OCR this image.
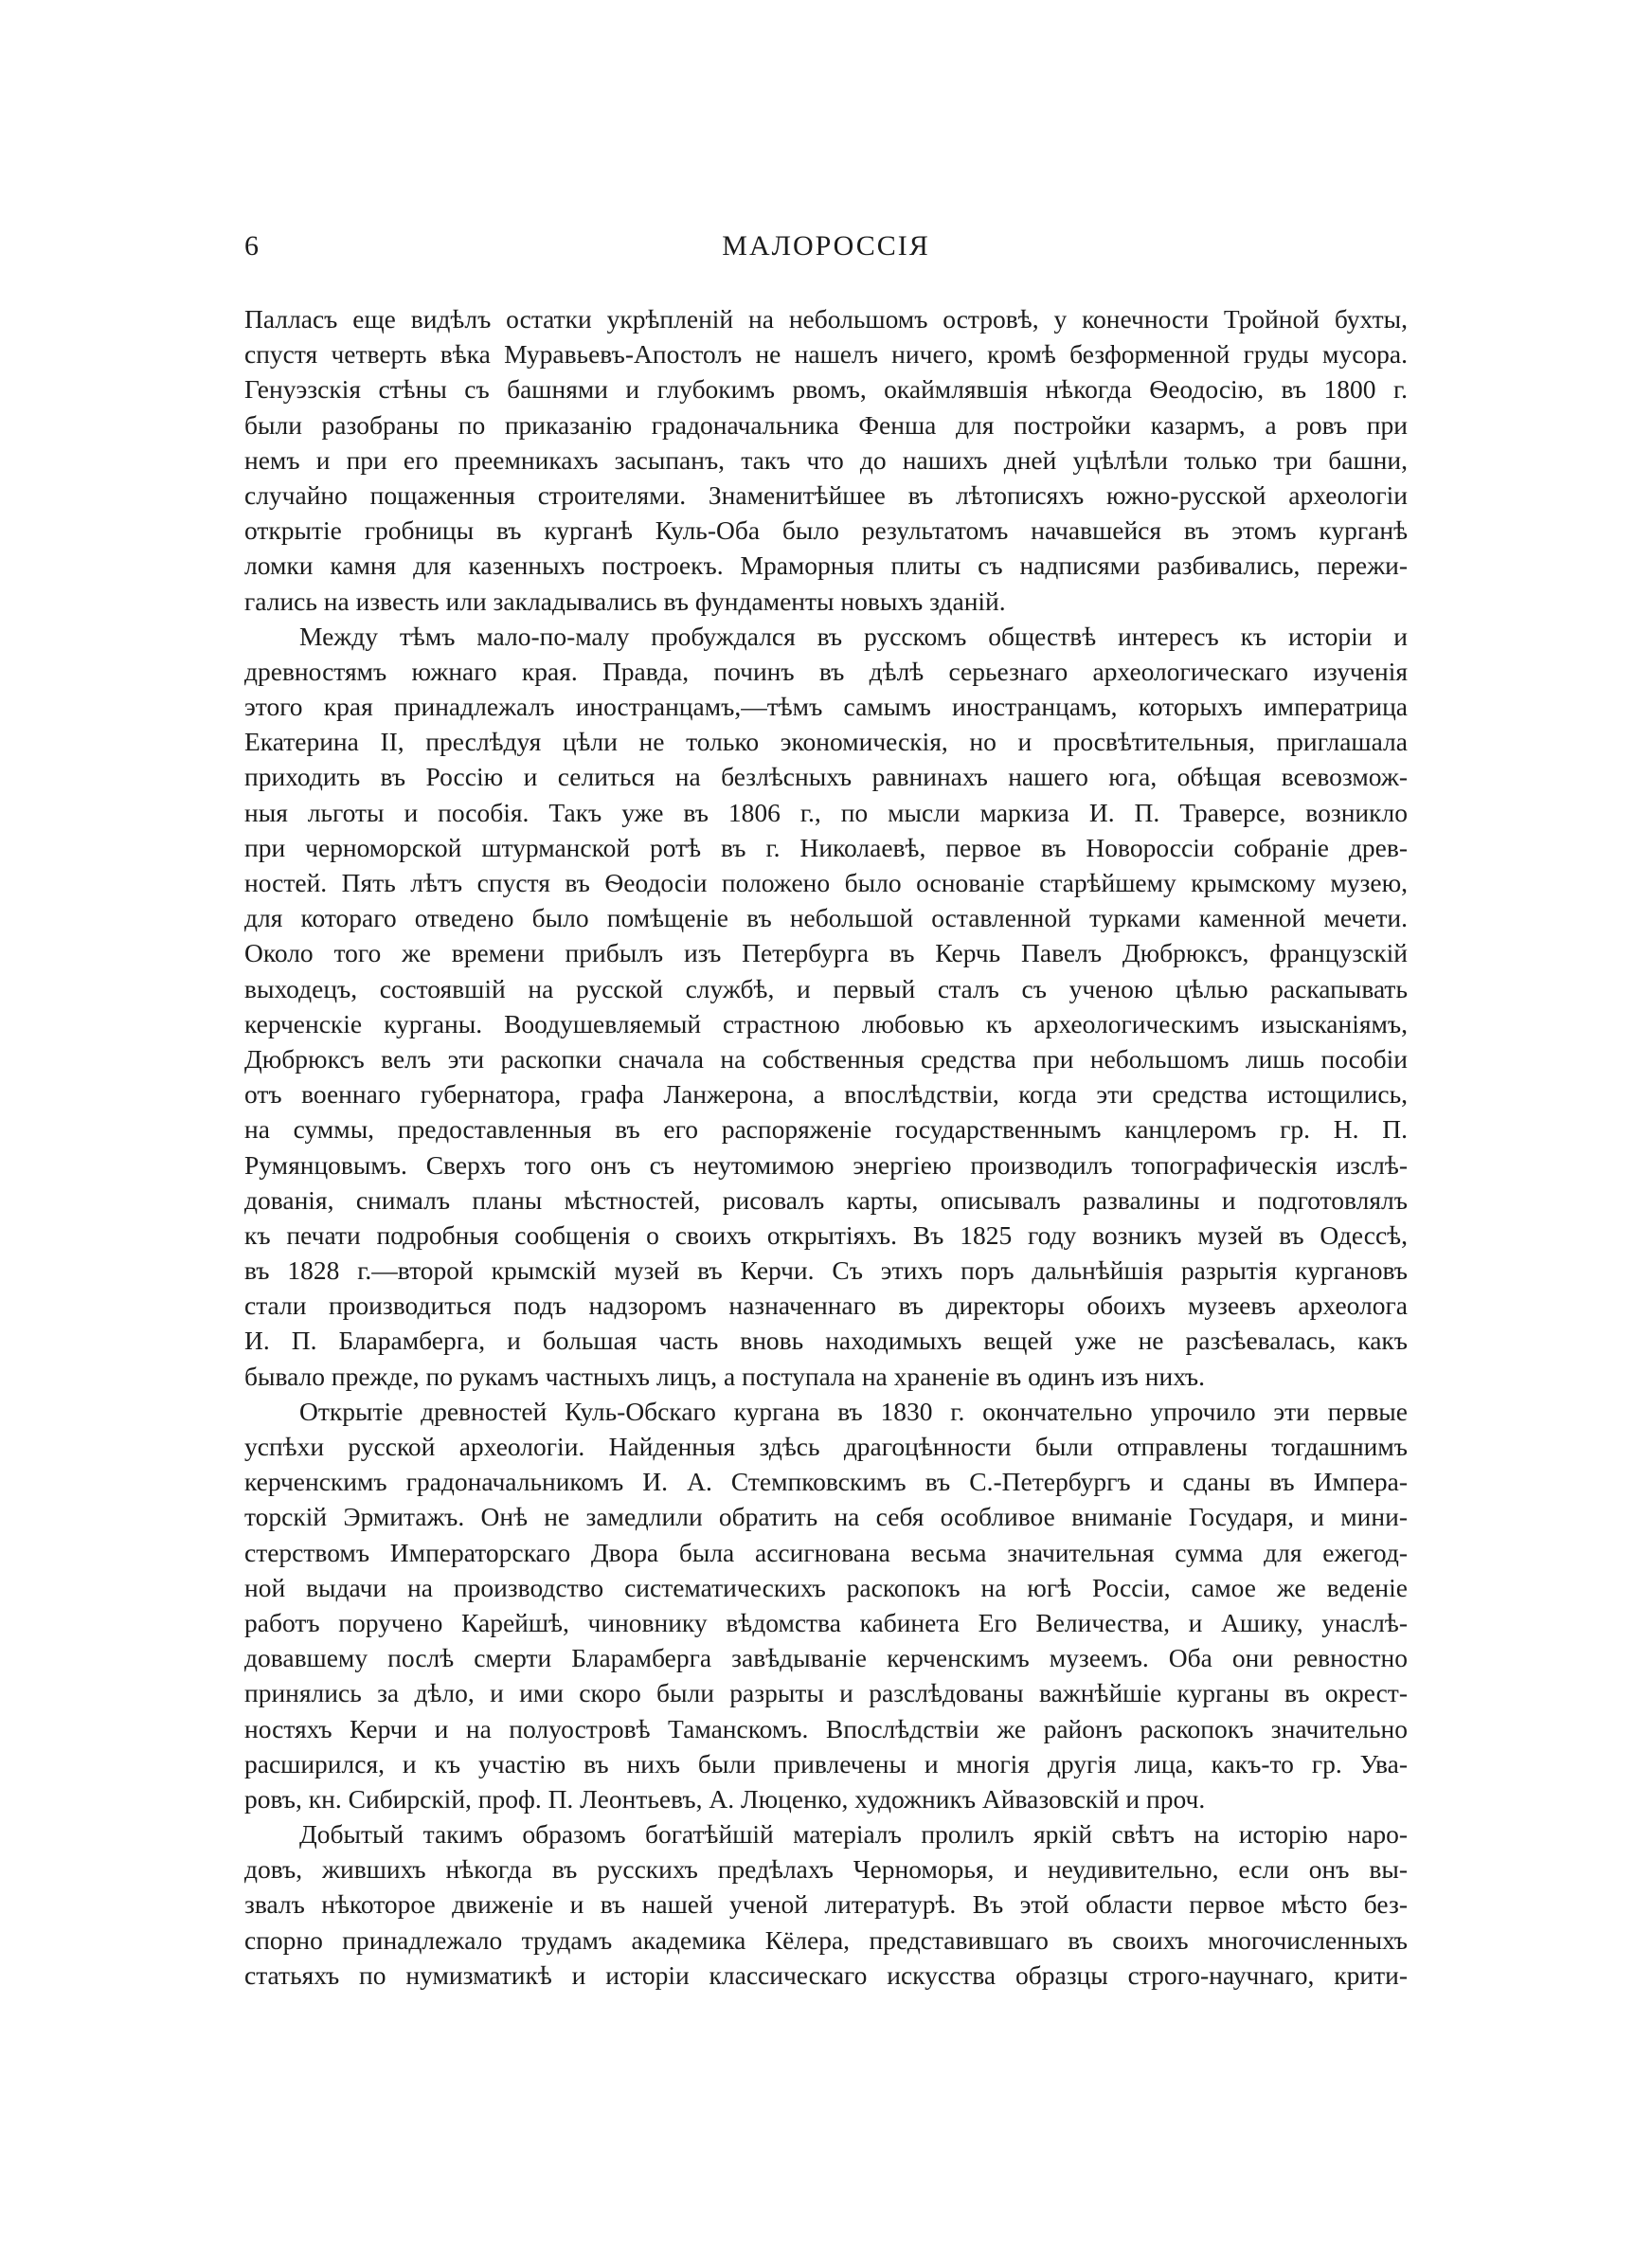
6	МАЛОРОССІЯ
Палласъ еще видѣлъ остатки укрѣпленій на небольшомъ островѣ, у конечности Тройной бухты,
спустя четверть вѣка Муравьевъ-Апостолъ не нашелъ ничего, кромѣ безформенной груды мусора.
Генуэзскія стѣны съ башнями и глубокимъ рвомъ, окаймлявшія нѣкогда Ѳеодосію, въ 1800 г.
были разобраны по приказанію градоначальника Феншa для постройки казармъ, а ровъ при
немъ и при его преемникахъ засыпанъ, такъ что до нашихъ дней уцѣлѣли только три башни,
случайно пощаженныя строителями. Знаменитѣйшее въ лѣтописяхъ южно-русской археологіи
открытіе гробницы въ курганѣ Куль-Оба было результатомъ начавшейся въ этомъ курганѣ
ломки камня для казенныхъ построекъ. Мраморныя плиты съ надписями разбивались, пережи-
гались на известь или закладывались въ фундаменты новыхъ зданій.
Между тѣмъ мало-по-малу пробуждался въ русскомъ обществѣ интересъ къ исторіи и
древностямъ южнаго края. Правда, починъ въ дѣлѣ серьезнаго археологическаго изученія
этого края принадлежалъ иностранцамъ,—тѣмъ самымъ иностранцамъ, которыхъ императрица
Екатерина II, преслѣдуя цѣли не только экономическія, но и просвѣтительныя, приглашала
приходить въ Россію и селиться на безлѣсныхъ равнинахъ нашего юга, обѣщая всевозмож-
ныя льготы и пособія. Такъ уже въ 1806 г., по мысли маркиза И. П. Траверсе, возникло
при черноморской штурманской ротѣ въ г. Николаевѣ, первое въ Новороссіи собраніе древ-
ностей. Пять лѣтъ спустя въ Ѳеодосіи положено было основаніе старѣйшему крымскому музею,
для котораго отведено было помѣщеніе въ небольшой оставленной турками каменной мечети.
Около того же времени прибылъ изъ Петербурга въ Керчь Павелъ Дюбрюксъ, французскій
выходецъ, состоявшій на русской службѣ, и первый сталъ съ ученою цѣлью раскапывать
керченскіе курганы. Воодушевляемый страстною любовью къ археологическимъ изысканіямъ,
Дюбрюксъ велъ эти раскопки сначала на собственныя средства при небольшомъ лишь пособіи
отъ военнаго губернатора, графа Ланжерона, а впослѣдствіи, когда эти средства истощились,
на суммы, предоставленныя въ его распоряженіе государственнымъ канцлеромъ гр. Н. П.
Румянцовымъ. Сверхъ того онъ съ неутомимою энергіею производилъ топографическія изслѣ-
дованія, снималъ планы мѣстностей, рисовалъ карты, описывалъ развалины и подготовлялъ
къ печати подробныя сообщенія о своихъ открытіяхъ. Въ 1825 году возникъ музей въ Одессѣ,
въ 1828 г.—второй крымскій музей въ Керчи. Съ этихъ поръ дальнѣйшія разрытія кургановъ
стали производиться подъ надзоромъ назначеннаго въ директоры обоихъ музеевъ археолога
И. П. Бларамберга, и большая часть вновь находимыхъ вещей уже не разсѣевалась, какъ
бывало прежде, по рукамъ частныхъ лицъ, а поступала на храненіе въ одинъ изъ нихъ.
Открытіе древностей Куль-Обскаго кургана въ 1830 г. окончательно упрочило эти первые
успѣхи русской археологіи. Найденныя здѣсь драгоцѣнности были отправлены тогдашнимъ
керченскимъ градоначальникомъ И. А. Стемпковскимъ въ С.-Петербургъ и сданы въ Импера-
торскій Эрмитажъ. Онѣ не замедлили обратить на себя особливое вниманіе Государя, и мини-
стерствомъ Императорскаго Двора была ассигнована весьма значительная сумма для ежегод-
ной выдачи на производство систематическихъ раскопокъ на югѣ Россіи, самое же веденіе
работъ поручено Карейшѣ, чиновнику вѣдомства кабинета Его Величества, и Ашику, унаслѣ-
довавшему послѣ смерти Бларамберга завѣдываніе керченскимъ музеемъ. Оба они ревностно
принялись за дѣло, и ими скоро были разрыты и разслѣдованы важнѣйшіе курганы въ окрест-
ностяхъ Керчи и на полуостровѣ Таманскомъ. Впослѣдствіи же районъ раскопокъ значительно
расширился, и къ участію въ нихъ были привлечены и многія другія лица, какъ-то гр. Ува-
ровъ, кн. Сибирскій, проф. П. Леонтьевъ, А. Люценко, художникъ Айвазовскій и проч.
Добытый такимъ образомъ богатѣйшій матеріалъ пролилъ яркій свѣтъ на исторію наро-
довъ, жившихъ нѣкогда въ русскихъ предѣлахъ Черноморья, и неудивительно, если онъ вы-
звалъ нѣкоторое движеніе и въ нашей ученой литературѣ. Въ этой области первое мѣсто без-
спорно принадлежало трудамъ академика Кёлера, представившаго въ своихъ многочисленныхъ
статьяхъ по нумизматикѣ и исторіи классическаго искусства образцы строго-научнаго, крити-
